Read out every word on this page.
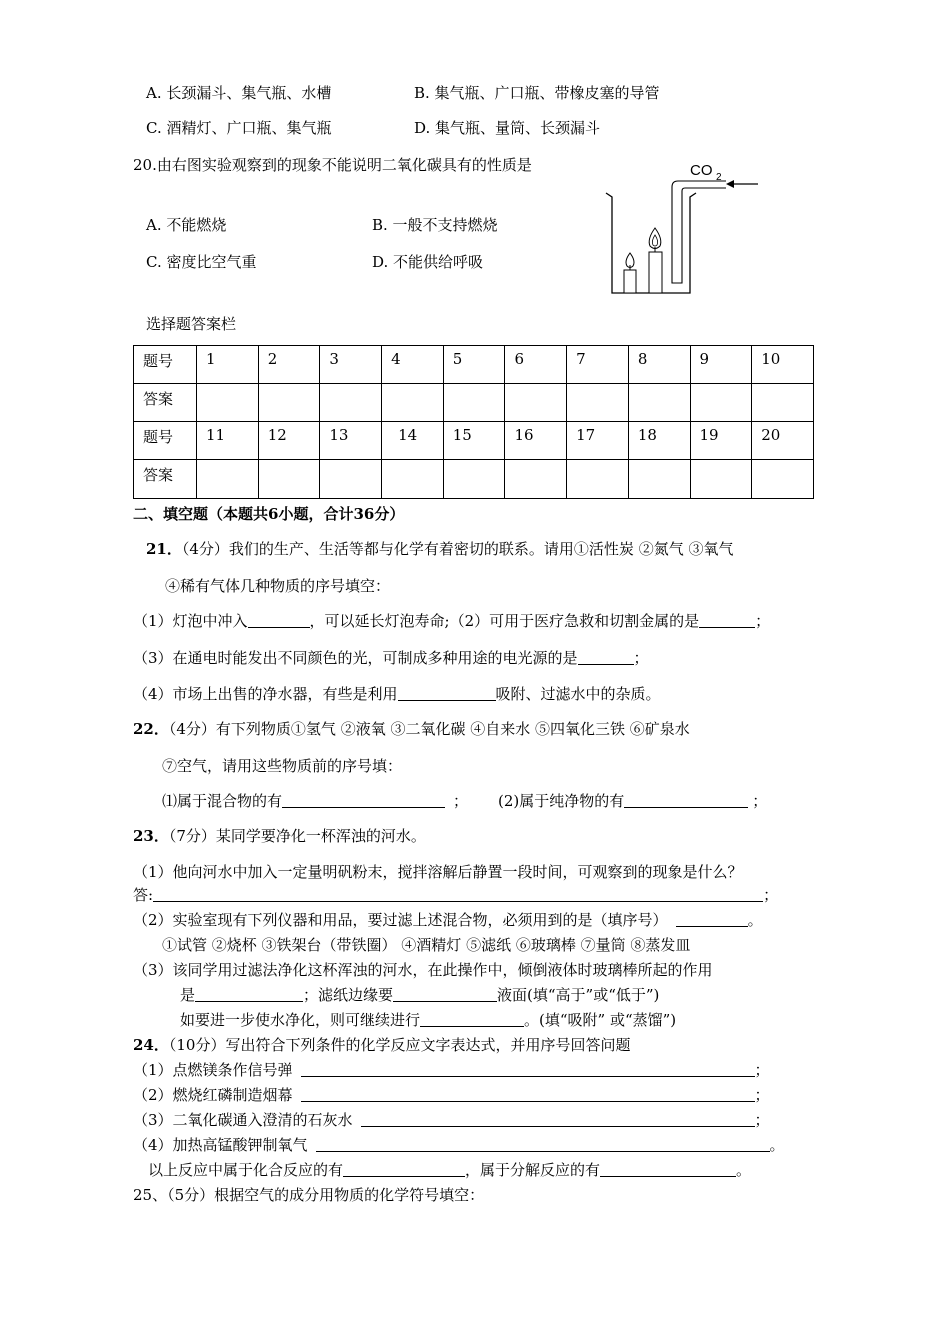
A. 长颈漏斗、集气瓶、水槽	B. 集气瓶、广口瓶、带橡皮塞的导管
C. 酒精灯、广口瓶、集气瓶	D. 集气瓶、量筒、长颈漏斗
20.由右图实验观察到的现象不能说明二氧化碳具有的性质是
A. 不能燃烧	B. 一般不支持燃烧
C. 密度比空气重	D. 不能供给呼吸
CO 2
选择题答案栏
题号	1	2	3	4	5	6	7	8	9	10
答案										
题号	11	12	13	14	15	16	17	18	19	20
答案										
二、填空题（本题共6小题，合计36分）
21．（4分）我们的生产、生活等都与化学有着密切的联系。请用①活性炭 ②氮气 ③氧气
④稀有气体几种物质的序号填空：
（1）灯泡中冲入	，可以延长灯泡寿命;（2）可用于医疗急救和切割金属的是	；
（3）在通电时能发出不同颜色的光，可制成多种用途的电光源的是	；
（4）市场上出售的净水器，有些是利用	吸附、过滤水中的杂质。
22．（4分）有下列物质①氢气 ②液氧 ③二氧化碳 ④自来水 ⑤四氧化三铁 ⑥矿泉水
⑦空气，请用这些物质前的序号填：
⑴属于混合物的有	； (2)属于纯净物的有	；
23．（7分）某同学要净化一杯浑浊的河水。
（1）他向河水中加入一定量明矾粉末，搅拌溶解后静置一段时间，可观察到的现象是什么？
答:	；
（2）实验室现有下列仪器和用品，要过滤上述混合物，必须用到的是（填序号）	。
①试管 ②烧杯 ③铁架台（带铁圈） ④酒精灯 ⑤滤纸 ⑥玻璃棒 ⑦量筒 ⑧蒸发皿
（3）该同学用过滤法净化这杯浑浊的河水，在此操作中，倾倒液体时玻璃棒所起的作用
是	；滤纸边缘要	液面(填“高于”或“低于”)
如要进一步使水净化，则可继续进行	。(填“吸附” 或“蒸馏”)
24．（10分）写出符合下列条件的化学反应文字表达式，并用序号回答问题
（1）点燃镁条作信号弹	；
（2）燃烧红磷制造烟幕	；
（3）二氧化碳通入澄清的石灰水	；
（4）加热高锰酸钾制氧气	。
以上反应中属于化合反应的有	，属于分解反应的有	。
25、（5分）根据空气的成分用物质的化学符号填空：
